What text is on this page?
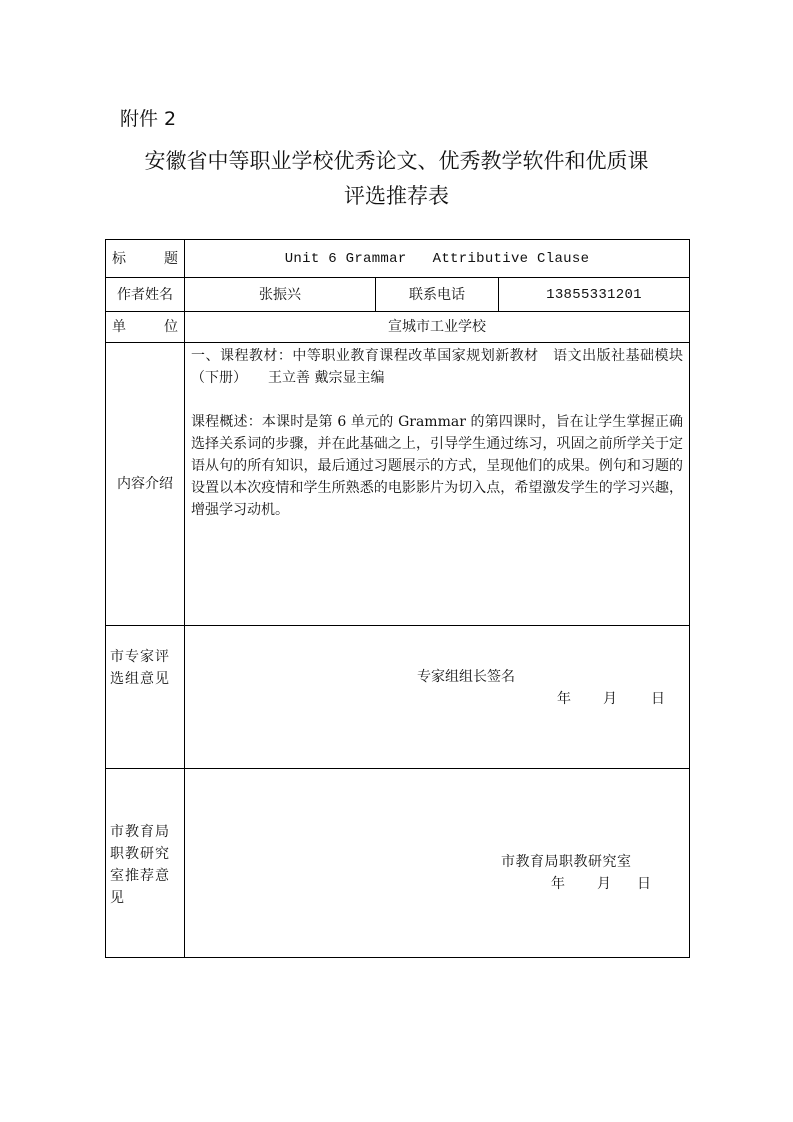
附件 2
安徽省中等职业学校优秀论文、优秀教学软件和优质课
评选推荐表
标题	Unit 6 Grammar   Attributive Clause		
作者姓名	张振兴	联系电话	13855331201
单位	宣城市工业学校		
内容介绍	一、课程教材：中等职业教育课程改革国家规划新教材　语文出版社基础模块（下册）　　王立善 戴宗显主编

课程概述：本课时是第 6 单元的 Grammar 的第四课时，旨在让学生掌握正确选择关系词的步骤，并在此基础之上，引导学生通过练习，巩固之前所学关于定语从句的所有知识，最后通过习题展示的方式，呈现他们的成果。例句和习题的设置以本次疫情和学生所熟悉的电影影片为切入点，希望激发学生的学习兴趣，增强学习动机。		

市专家评选组意见	专家组组长签名
年 月 日		

市教育局职教研究室推荐意见	市教育局职教研究室
年 月 日		
